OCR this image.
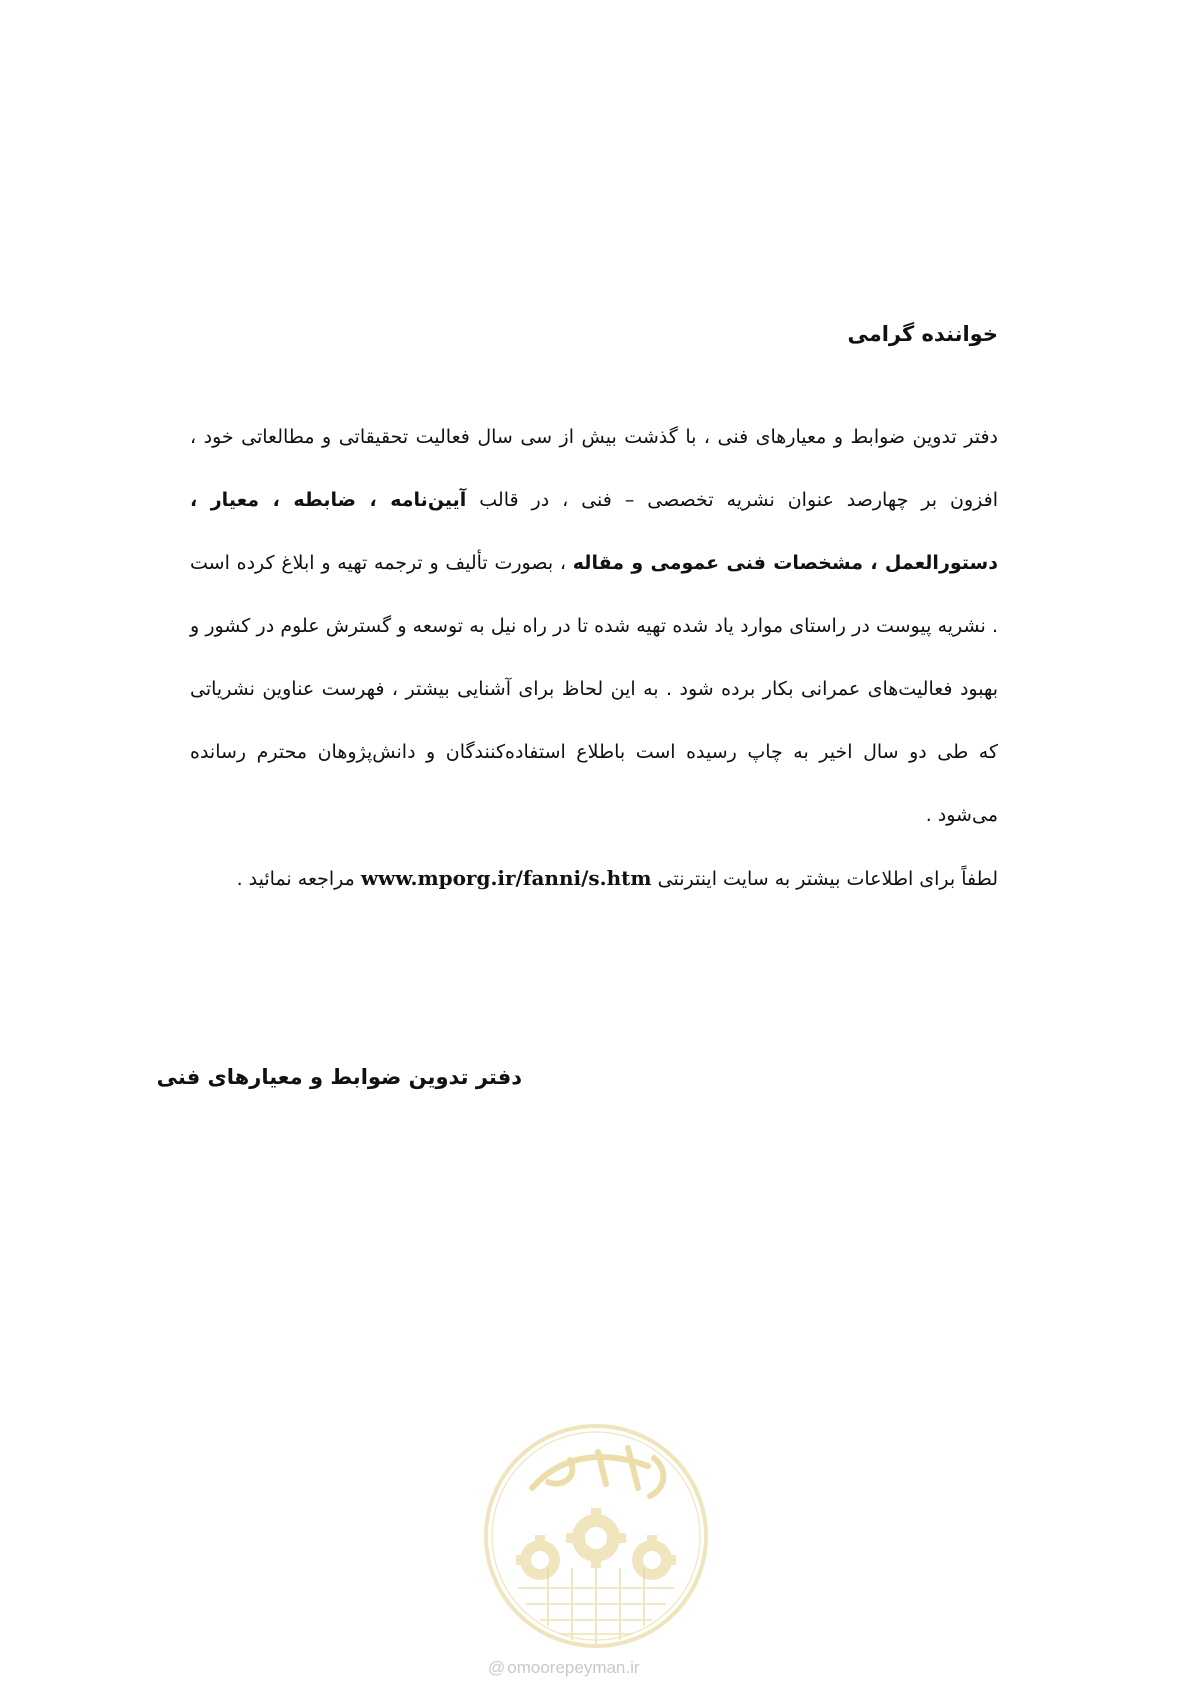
خواننده گرامی
دفتر تدوین ضوابط و معیارهای فنی ، با گذشت بیش از سی سال فعالیت تحقیقاتی و مطالعاتی خود ، افزون بر چهارصد عنوان نشریه تخصصی – فنی ، در قالب آیین‌نامه ، ضابطه ، معیار ، دستورالعمل ، مشخصات فنی عمومی و مقاله ، بصورت تألیف و ترجمه تهیه و ابلاغ کرده است . نشریه پیوست در راستای موارد یاد شده تهیه شده تا در راه نیل به توسعه و گسترش علوم در کشور و بهبود فعالیت‌های عمرانی بکار برده شود . به این لحاظ برای آشنایی بیشتر ، فهرست عناوین نشریاتی که طی دو سال اخیر به چاپ رسیده است باطلاع استفاده‌کنندگان و دانش‌پژوهان محترم رسانده می‌شود .
لطفاً برای اطلاعات بیشتر به سایت اینترنتی www.mporg.ir/fanni/s.htm مراجعه نمائید .
دفتر تدوین ضوابط و معیارهای فنی
@ omoorepeyman.ir
